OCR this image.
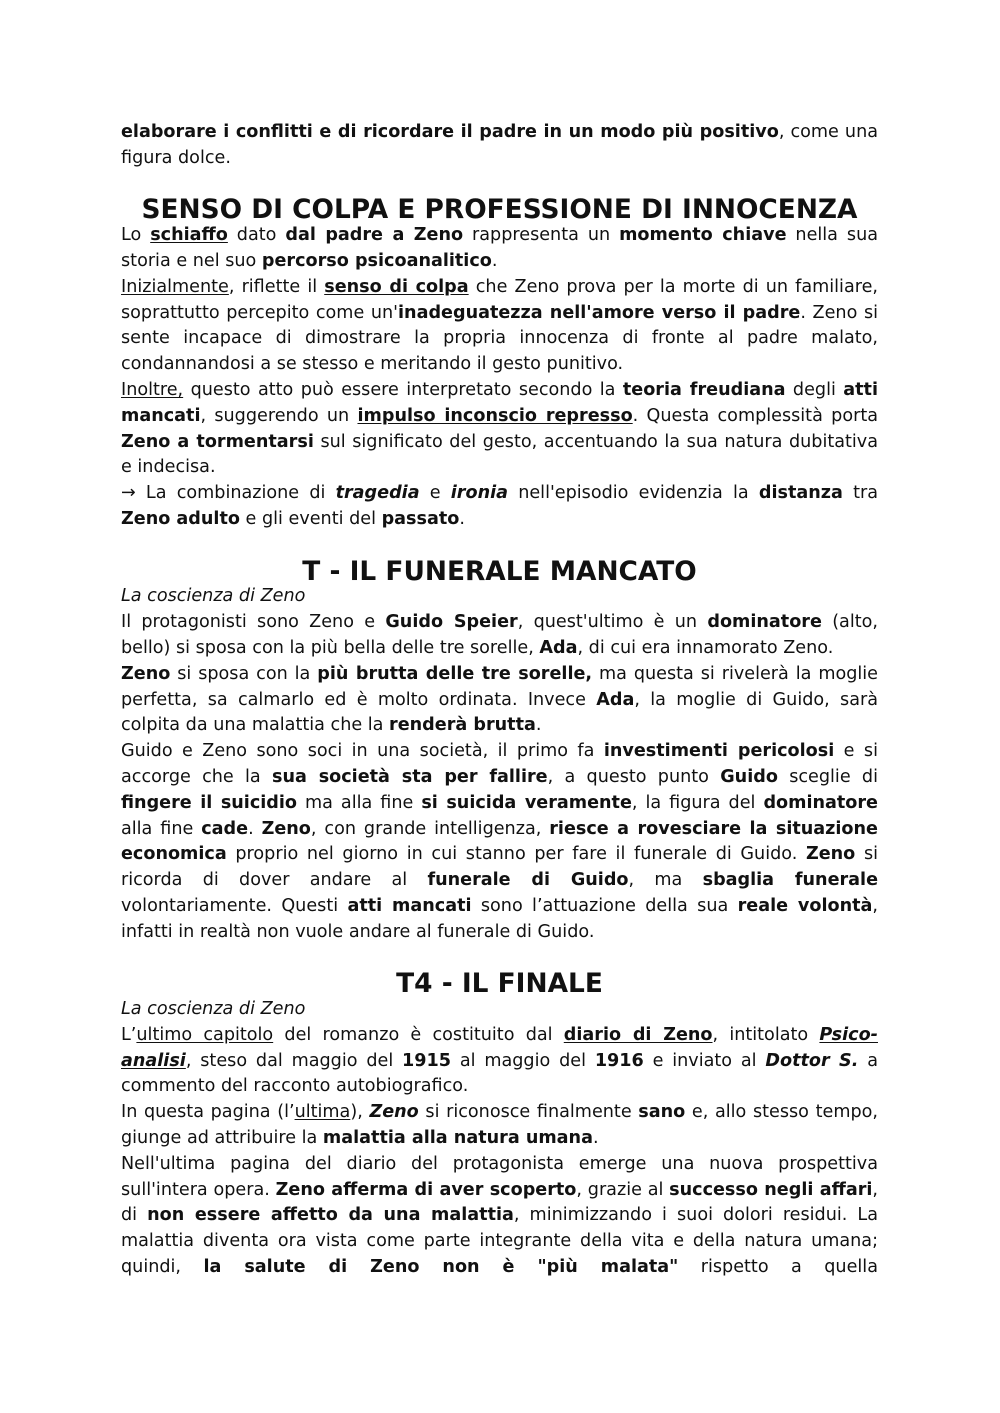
elaborare i conflitti e di ricordare il padre in un modo più positivo, come una figura dolce.

SENSO DI COLPA E PROFESSIONE DI INNOCENZA

Lo schiaffo dato dal padre a Zeno rappresenta un momento chiave nella sua storia e nel suo percorso psicoanalitico.

Inizialmente, riflette il senso di colpa che Zeno prova per la morte di un familiare, soprattutto percepito come un'inadeguatezza nell'amore verso il padre. Zeno si sente incapace di dimostrare la propria innocenza di fronte al padre malato, condannandosi a se stesso e meritando il gesto punitivo.

Inoltre, questo atto può essere interpretato secondo la teoria freudiana degli atti mancati, suggerendo un impulso inconscio represso. Questa complessità porta Zeno a tormentarsi sul significato del gesto, accentuando la sua natura dubitativa e indecisa.

→ La combinazione di tragedia e ironia nell'episodio evidenzia la distanza tra Zeno adulto e gli eventi del passato.

T - IL FUNERALE MANCATO

La coscienza di Zeno

Il protagonisti sono Zeno e Guido Speier, quest'ultimo è un dominatore (alto, bello) si sposa con la più bella delle tre sorelle, Ada, di cui era innamorato Zeno.

Zeno si sposa con la più brutta delle tre sorelle, ma questa si rivelerà la moglie perfetta, sa calmarlo ed è molto ordinata. Invece Ada, la moglie di Guido, sarà colpita da una malattia che la renderà brutta.

Guido e Zeno sono soci in una società, il primo fa investimenti pericolosi e si accorge che la sua società sta per fallire, a questo punto Guido sceglie di fingere il suicidio ma alla fine si suicida veramente, la figura del dominatore alla fine cade. Zeno, con grande intelligenza, riesce a rovesciare la situazione economica proprio nel giorno in cui stanno per fare il funerale di Guido. Zeno si ricorda di dover andare al funerale di Guido, ma sbaglia funerale volontariamente. Questi atti mancati sono l’attuazione della sua reale volontà, infatti in realtà non vuole andare al funerale di Guido.

T4 - IL FINALE

La coscienza di Zeno

L’ultimo capitolo del romanzo è costituito dal diario di Zeno, intitolato Psico-analisi, steso dal maggio del 1915 al maggio del 1916 e inviato al Dottor S. a commento del racconto autobiografico.

In questa pagina (l’ultima), Zeno si riconosce finalmente sano e, allo stesso tempo, giunge ad attribuire la malattia alla natura umana.

Nell'ultima pagina del diario del protagonista emerge una nuova prospettiva sull'intera opera. Zeno afferma di aver scoperto, grazie al successo negli affari, di non essere affetto da una malattia, minimizzando i suoi dolori residui. La malattia diventa ora vista come parte integrante della vita e della natura umana; quindi, la salute di Zeno non è "più malata" rispetto a quella
